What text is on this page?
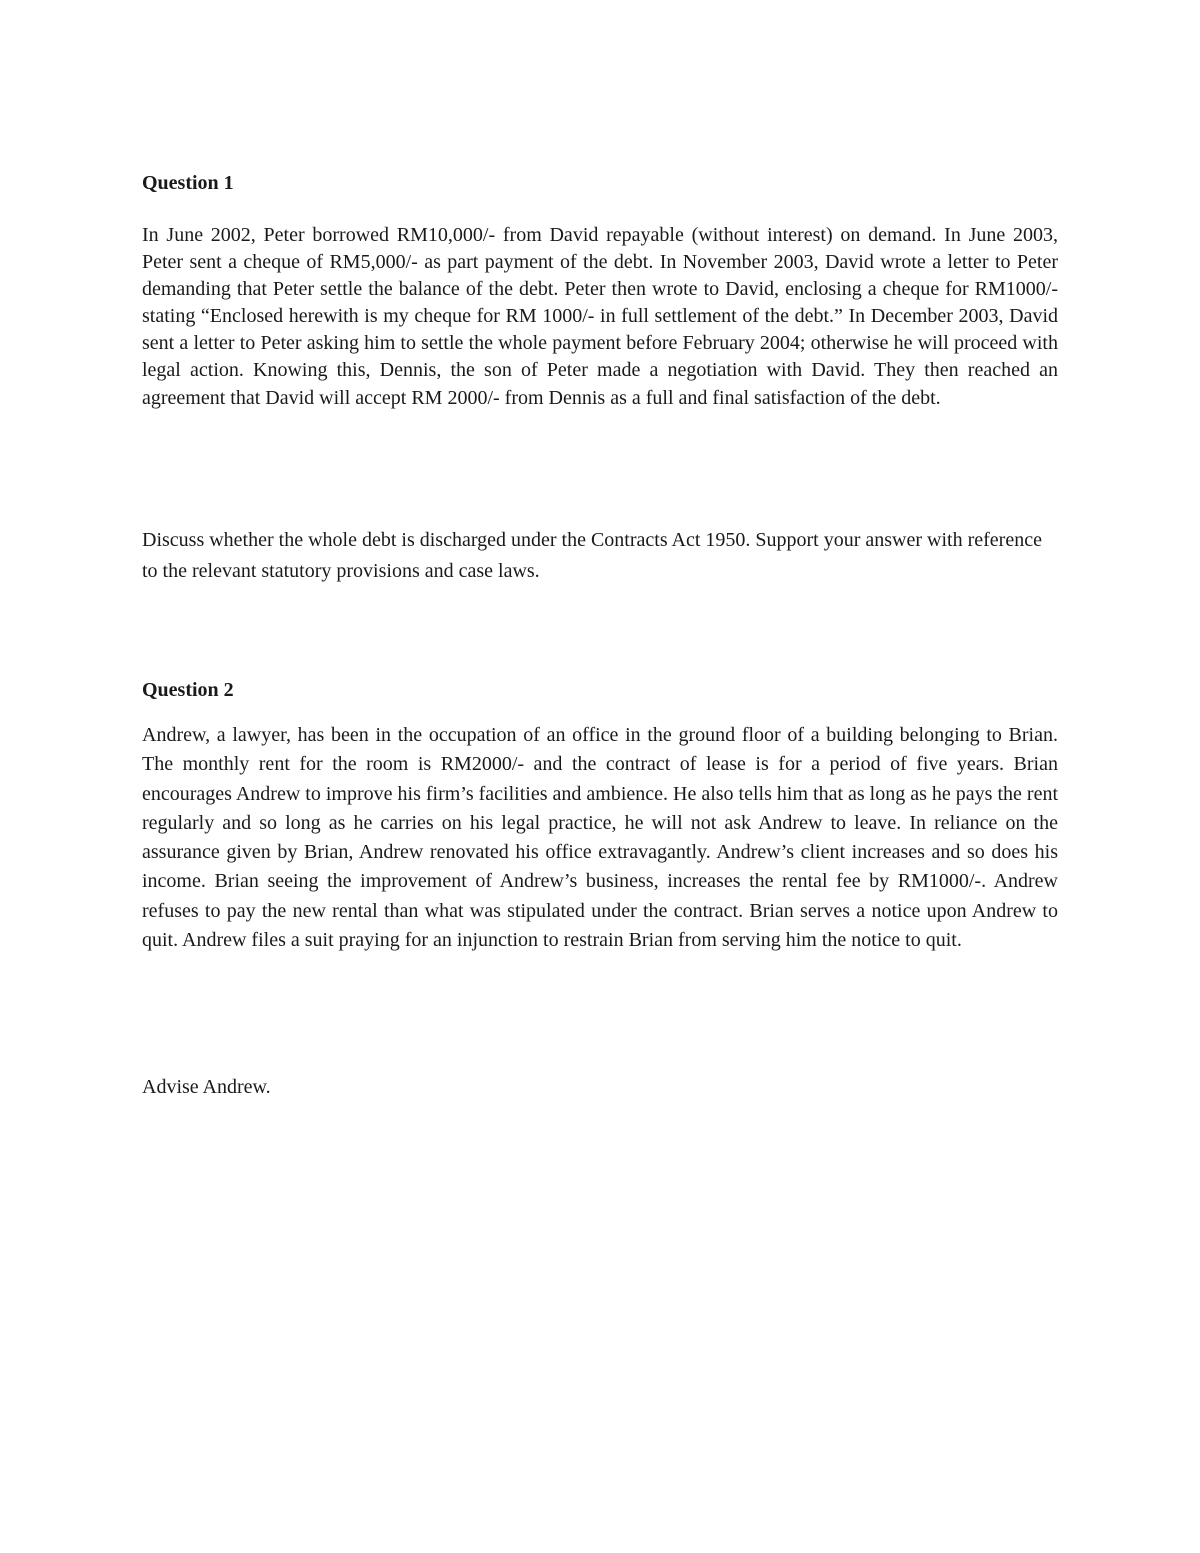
Question 1

In June 2002, Peter borrowed RM10,000/- from David repayable (without interest) on demand. In June 2003, Peter sent a cheque of RM5,000/- as part payment of the debt. In November 2003, David wrote a letter to Peter demanding that Peter settle the balance of the debt. Peter then wrote to David, enclosing a cheque for RM1000/- stating “Enclosed herewith is my cheque for RM 1000/- in full settlement of the debt.” In December 2003, David sent a letter to Peter asking him to settle the whole payment before February 2004; otherwise he will proceed with legal action. Knowing this, Dennis, the son of Peter made a negotiation with David. They then reached an agreement that David will accept RM 2000/- from Dennis as a full and final satisfaction of the debt.

Discuss whether the whole debt is discharged under the Contracts Act 1950. Support your answer with reference to the relevant statutory provisions and case laws.

Question 2

Andrew, a lawyer, has been in the occupation of an office in the ground floor of a building belonging to Brian. The monthly rent for the room is RM2000/- and the contract of lease is for a period of five years. Brian encourages Andrew to improve his firm’s facilities and ambience. He also tells him that as long as he pays the rent regularly and so long as he carries on his legal practice, he will not ask Andrew to leave. In reliance on the assurance given by Brian, Andrew renovated his office extravagantly. Andrew’s client increases and so does his income. Brian seeing the improvement of Andrew’s business, increases the rental fee by RM1000/-. Andrew refuses to pay the new rental than what was stipulated under the contract. Brian serves a notice upon Andrew to quit. Andrew files a suit praying for an injunction to restrain Brian from serving him the notice to quit.

Advise Andrew.
